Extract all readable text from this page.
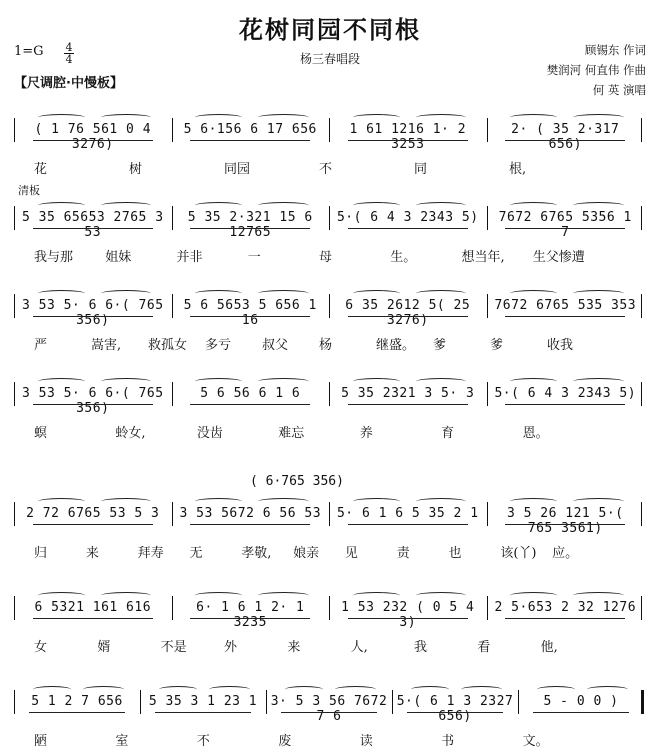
花树同园不同根
杨三春唱段
1=G 4
4
【尺调腔·中慢板】
顾锡东 作词
樊润河 何直伟 作曲
何 英 演唱
清板
( 6·765 356)
( 1 76 561 0 4 3276)
5 6·156 6 17 656	1 61 1216 1· 2 3253
2· ( 35 2·317 656)
花	树	同园	不	同	根,
5 35 65653 2765 3 53
5 35 2·321 15 6 12765
5·( 6 4 3 2343 5)	7672 6765 5356 1 7
我与那 姐妹	并非	一	母	生。	想当年, 生父惨遭
3 53 5· 6 6·( 765 356)
5 6 5653 5 656 1 16
6 35 2612 5( 25 3276)
7672 6765 535 353
严	嵩害, 救孤女 多亏 叔父 杨	继盛。 爹	爹	收我
3 53 5· 6 6·( 765 356)
5 6 56 6 1 6	5 35 2321 3 5· 3	5·( 6 4 3 2343 5)
螟	蛉女,	没齿	难忘	养	育	恩。
2 72 6765 53 5 3	3 53 5672 6 56 53	5· 6 1 6 5 35 2 1	3 5 26 121 5·( 765 3561)
归	来	拜寿 无	孝敬, 娘亲 见	责	也	该(丫) 应。
6 5321 161 616	6· 1 6 1 2· 1 3235
1 53 232 ( 0 5 4 3)
2 5·653 2 32 1276
女	婿	不是	外	来	人,	我	看	他,
5 1 2 7 656	5 35 3 1 23 1	3· 5 3 56 7672 7 6
5·( 6 1 3 2327 656)
5 - 0 0 )
陋	室	不	废	读	书	文。
